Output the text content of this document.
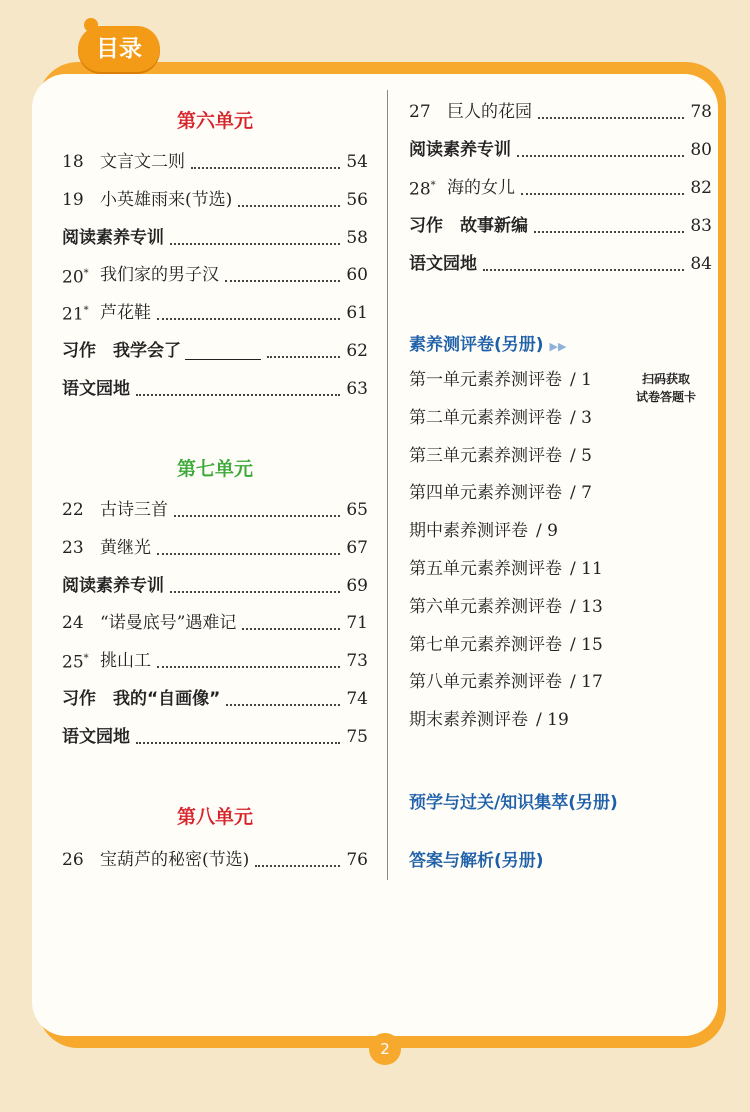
目录
第六单元
18 文言文二则	54
19 小英雄雨来(节选)	56
阅读素养专训	58
20* 我们家的男子汉	60
21* 芦花鞋	61
习作　我学会了	62
语文园地	63
第七单元
22 古诗三首	65
23 黄继光	67
阅读素养专训	69
24 “诺曼底号”遇难记	71
25* 挑山工	73
习作　我的“自画像”	74
语文园地	75
第八单元
26 宝葫芦的秘密(节选)	76
27 巨人的花园	78
阅读素养专训	80
28* 海的女儿	82
习作　故事新编	83
语文园地	84
第一单元素养测评卷 / 1
第二单元素养测评卷 / 3
第三单元素养测评卷 / 5
第四单元素养测评卷 / 7
期中素养测评卷 / 9
第五单元素养测评卷 / 11
第六单元素养测评卷 / 13
第七单元素养测评卷 / 15
第八单元素养测评卷 / 17
期末素养测评卷 / 19
素养测评卷(另册) ▶▶
扫码获取
试卷答题卡
预学与过关/知识集萃(另册)
答案与解析(另册)
2
